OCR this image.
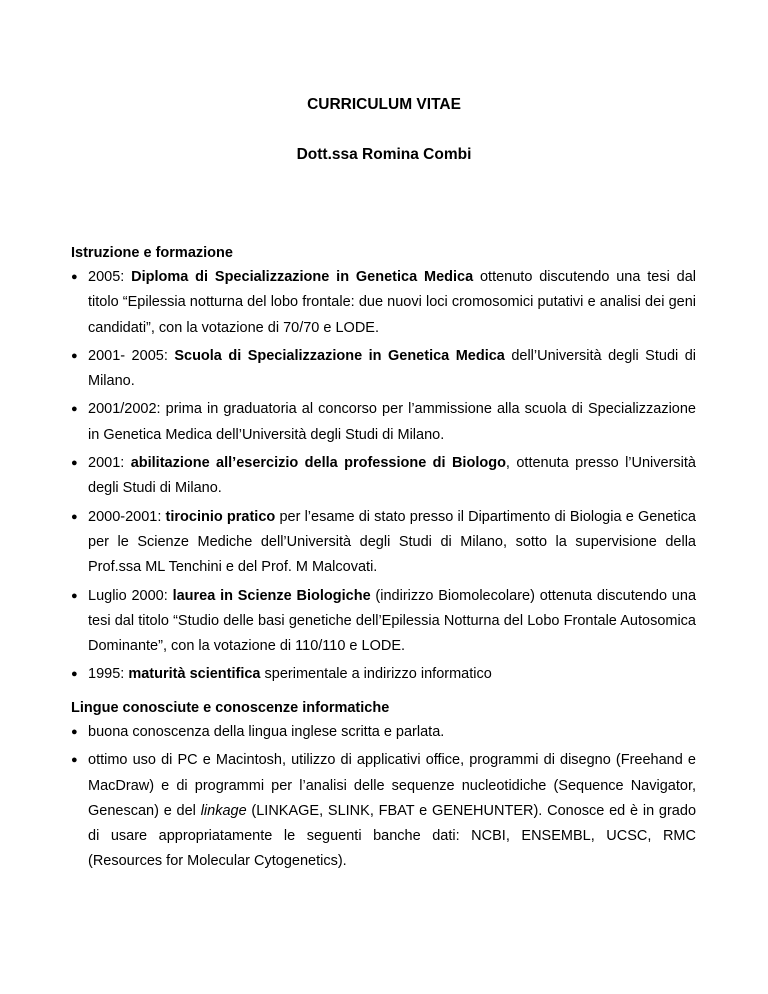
CURRICULUM VITAE
Dott.ssa Romina Combi
Istruzione e formazione
● 2005: Diploma di Specializzazione in Genetica Medica ottenuto discutendo una tesi dal titolo “Epilessia notturna del lobo frontale: due nuovi loci cromosomici putativi e analisi dei geni candidati”, con la votazione di 70/70 e LODE.
● 2001- 2005: Scuola di Specializzazione in Genetica Medica dell’Università degli Studi di Milano.
● 2001/2002: prima in graduatoria al concorso per l’ammissione alla scuola di Specializzazione in Genetica Medica dell’Università degli Studi di Milano.
● 2001: abilitazione all’esercizio della professione di Biologo, ottenuta presso l’Università degli Studi di Milano.
● 2000-2001: tirocinio pratico per l’esame di stato presso il Dipartimento di Biologia e Genetica per le Scienze Mediche dell’Università degli Studi di Milano, sotto la supervisione della Prof.ssa ML Tenchini e del Prof. M Malcovati.
● Luglio 2000: laurea in Scienze Biologiche (indirizzo Biomolecolare) ottenuta discutendo una tesi dal titolo “Studio delle basi genetiche dell’Epilessia Notturna del Lobo Frontale Autosomica Dominante”, con la votazione di 110/110 e LODE.
● 1995: maturità scientifica sperimentale a indirizzo informatico
Lingue conosciute e conoscenze informatiche
● buona conoscenza della lingua inglese scritta e parlata.
● ottimo uso di PC e Macintosh, utilizzo di applicativi office, programmi di disegno (Freehand e MacDraw) e di programmi per l’analisi delle sequenze nucleotidiche (Sequence Navigator, Genescan) e del linkage (LINKAGE, SLINK, FBAT e GENEHUNTER). Conosce ed è in grado di usare appropriatamente le seguenti banche dati: NCBI, ENSEMBL, UCSC, RMC (Resources for Molecular Cytogenetics).
